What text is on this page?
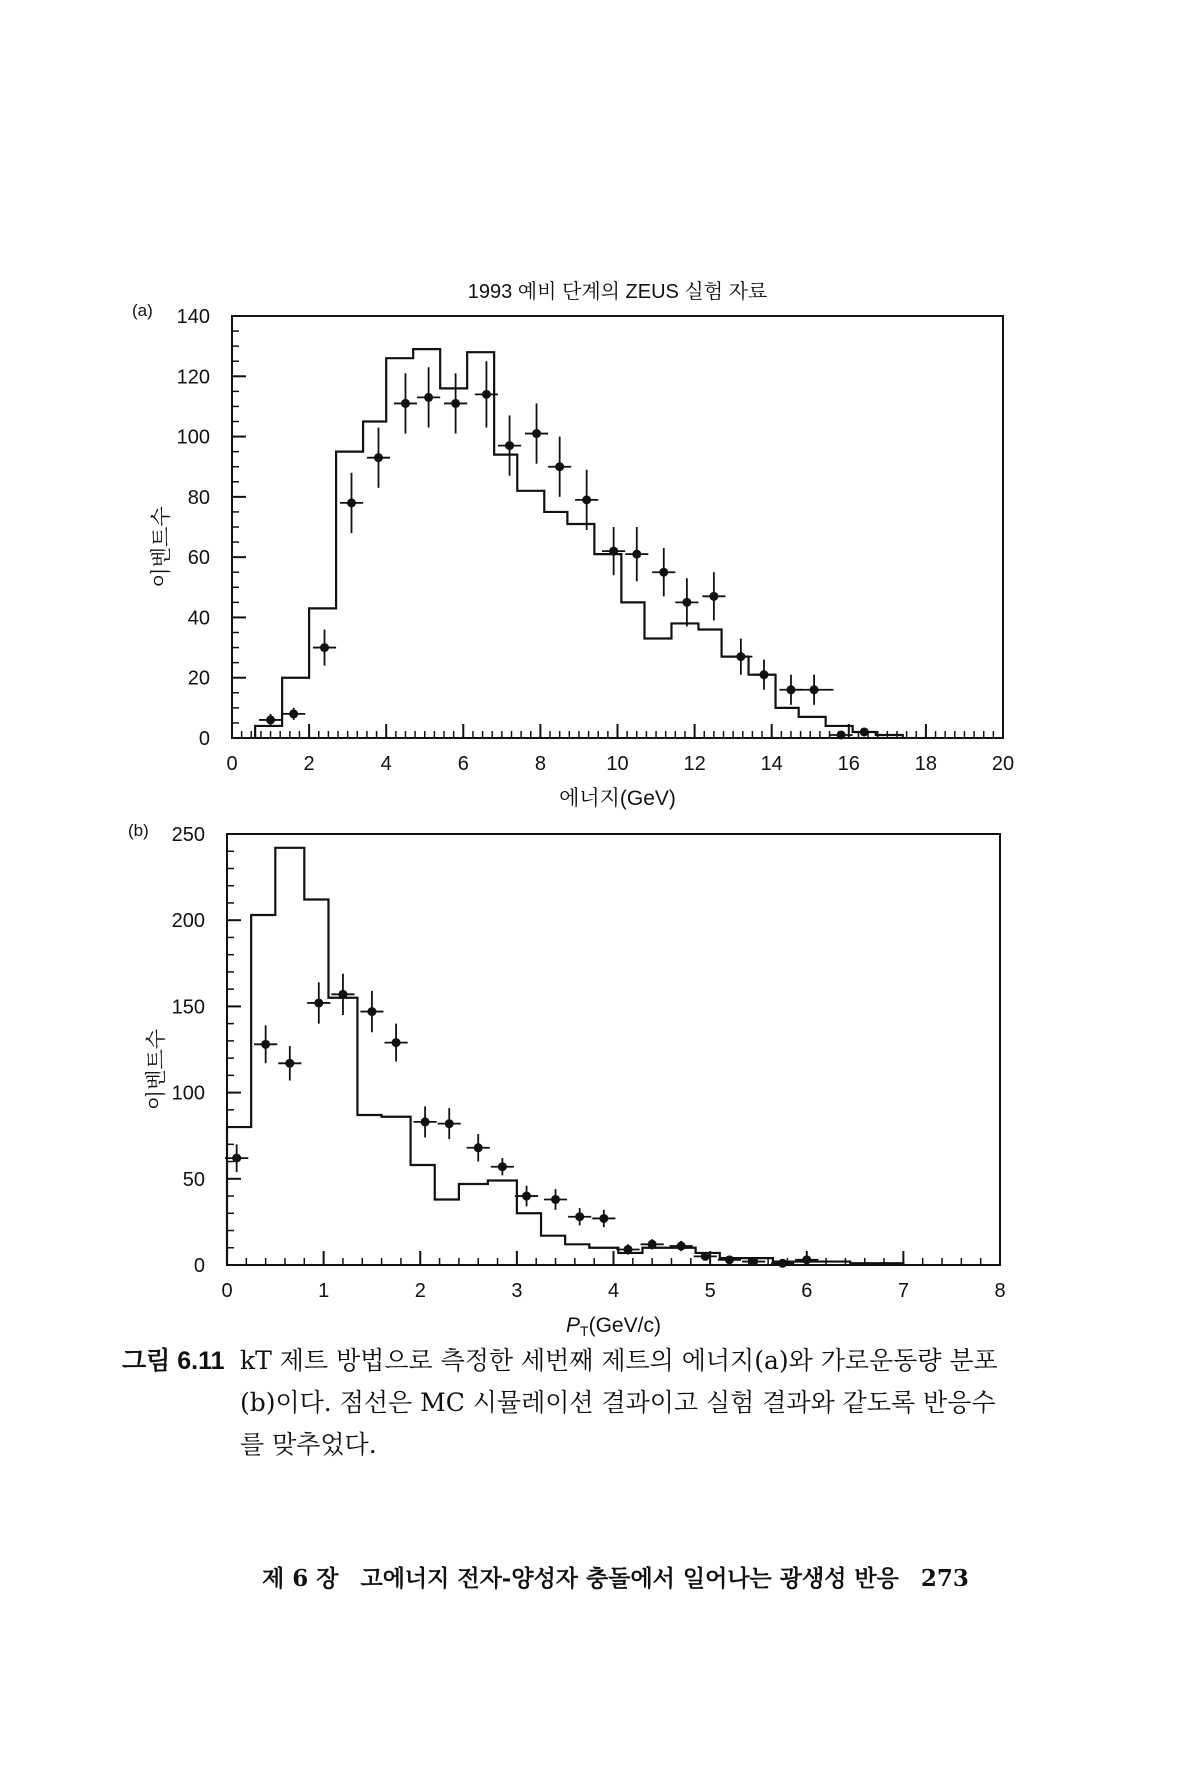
0	2	4	6	8	10	12	14	16	18	20
0
20
40
60
80
100
120
140
(a)
1993 예비 단계의 ZEUS 실험 자료
이벤트수
에너지(GeV)
0	1	2	3	4	5	6	7	8
0
50
100
150
200
250
(b)
이벤트수
PT(GeV/c)
그림 6.11 kT 제트 방법으로 측정한 세번째 제트의 에너지(a)와 가로운동량 분포
(b)이다. 점선은 MC 시뮬레이션 결과이고 실험 결과와 같도록 반응수
를 맞추었다.
제 6 장 고에너지 전자-양성자 충돌에서 일어나는 광생성 반응 273
